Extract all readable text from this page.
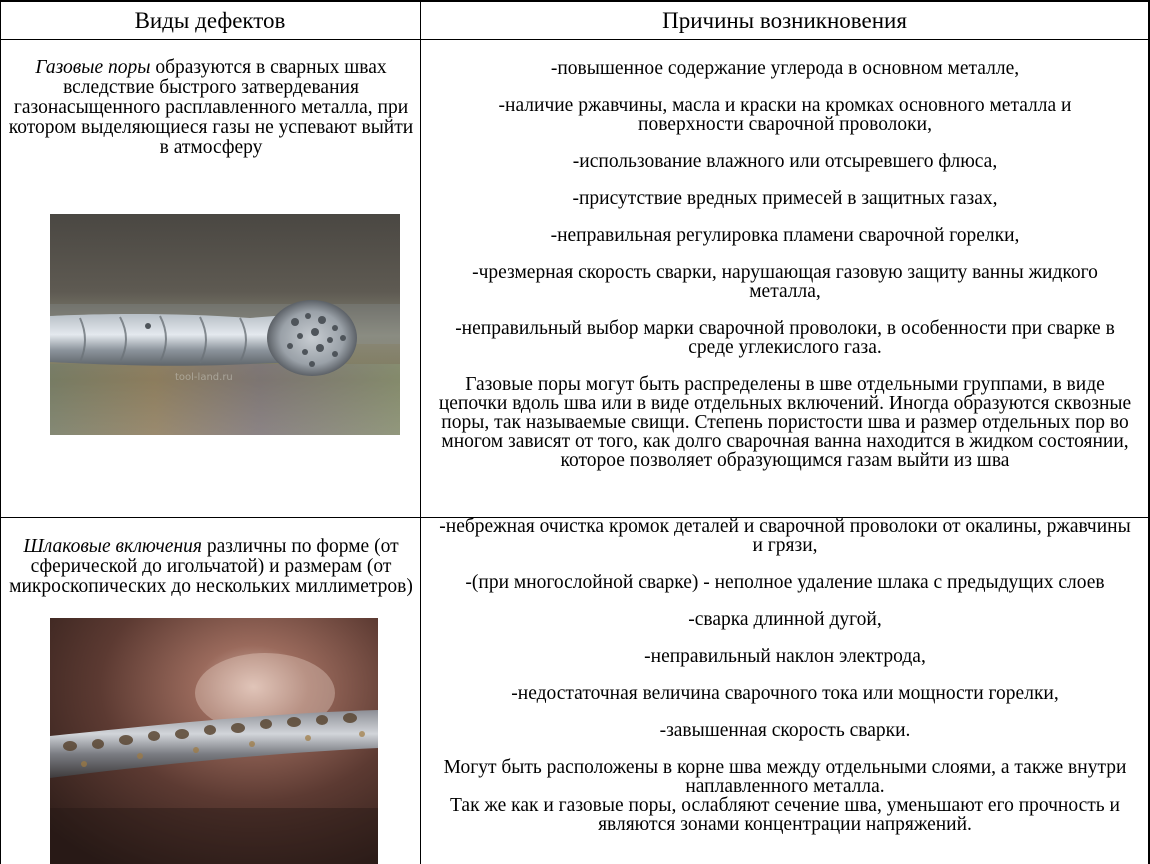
Виды дефектов	Причины возникновения
Газовые поры образуются в сварных швах вследствие быстрого затвердевания газонасыщенного расплавленного металла, при котором выделяющиеся газы не успевают выйти в атмосферу
tool-land.ru

-повышенное содержание углерода в основном металле,

-наличие ржавчины, масла и краски на кромках основного металла и поверхности сварочной проволоки,

-использование влажного или отсыревшего флюса,

-присутствие вредных примесей в защитных газах,

-неправильная регулировка пламени сварочной горелки,

-чрезмерная скорость сварки, нарушающая газовую защиту ванны жидкого металла,

-неправильный выбор марки сварочной проволоки, в особенности при сварке в среде углекислого газа.

Газовые поры могут быть распределены в шве отдельными группами, в виде цепочки вдоль шва или в виде отдельных включений. Иногда образуются сквозные поры, так называемые свищи. Степень пористости шва и размер отдельных пор во многом зависят от того, как долго сварочная ванна находится в жидком состоянии, которое позволяет образующимся газам выйти из шва

Шлаковые включения различны по форме (от сферической до игольчатой) и размерам (от микроскопических до нескольких миллиметров)

-небрежная очистка кромок деталей и сварочной проволоки от окалины, ржавчины и грязи,

-(при многослойной сварке) - неполное удаление шлака с предыдущих слоев

-сварка длинной дугой,

-неправильный наклон электрода,

-недостаточная величина сварочного тока или мощности горелки,

-завышенная скорость сварки.

Могут быть расположены в корне шва между отдельными слоями, а также внутри наплавленного металла.

Так же как и газовые поры, ослабляют сечение шва, уменьшают его прочность и являются зонами концентрации напряжений.
